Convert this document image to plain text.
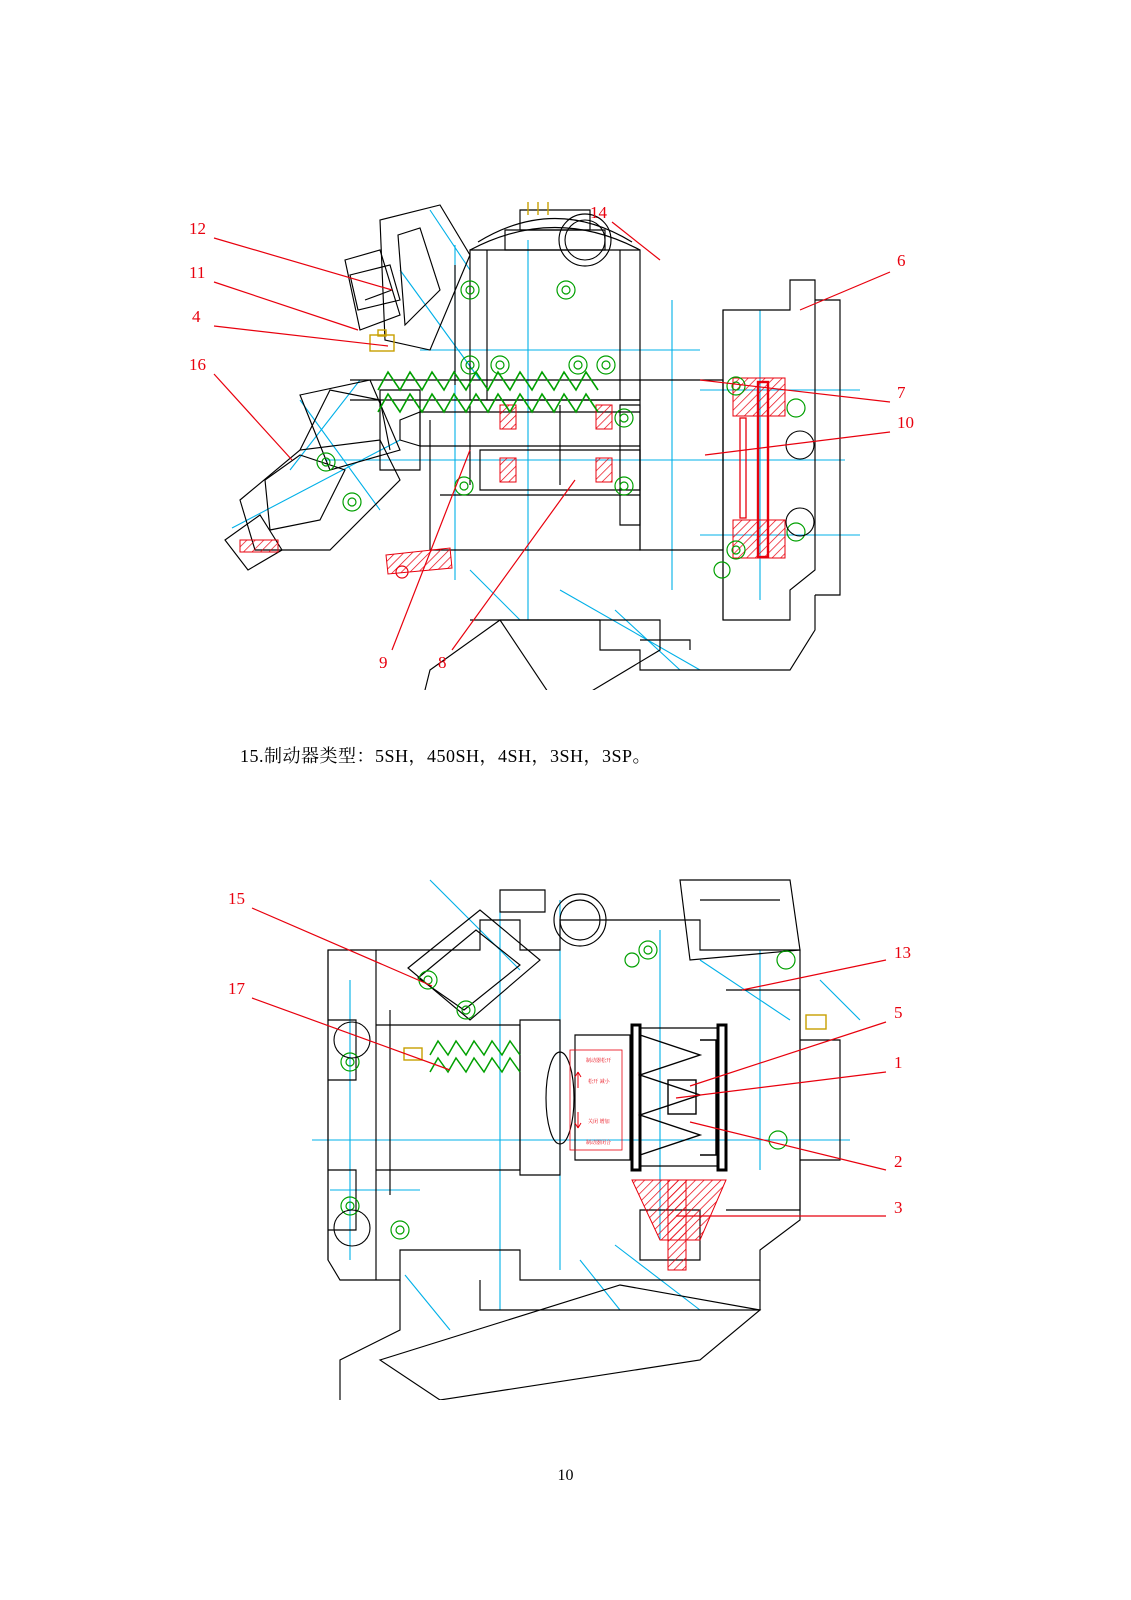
12
11
4
16
14
6
7
10
9	8
15.制动器类型：5SH，450SH，4SH，3SH，3SP。
制动器松开
松开 减小
关闭 增加
制动器闭合
15
17
13
5
1
2
3
10
